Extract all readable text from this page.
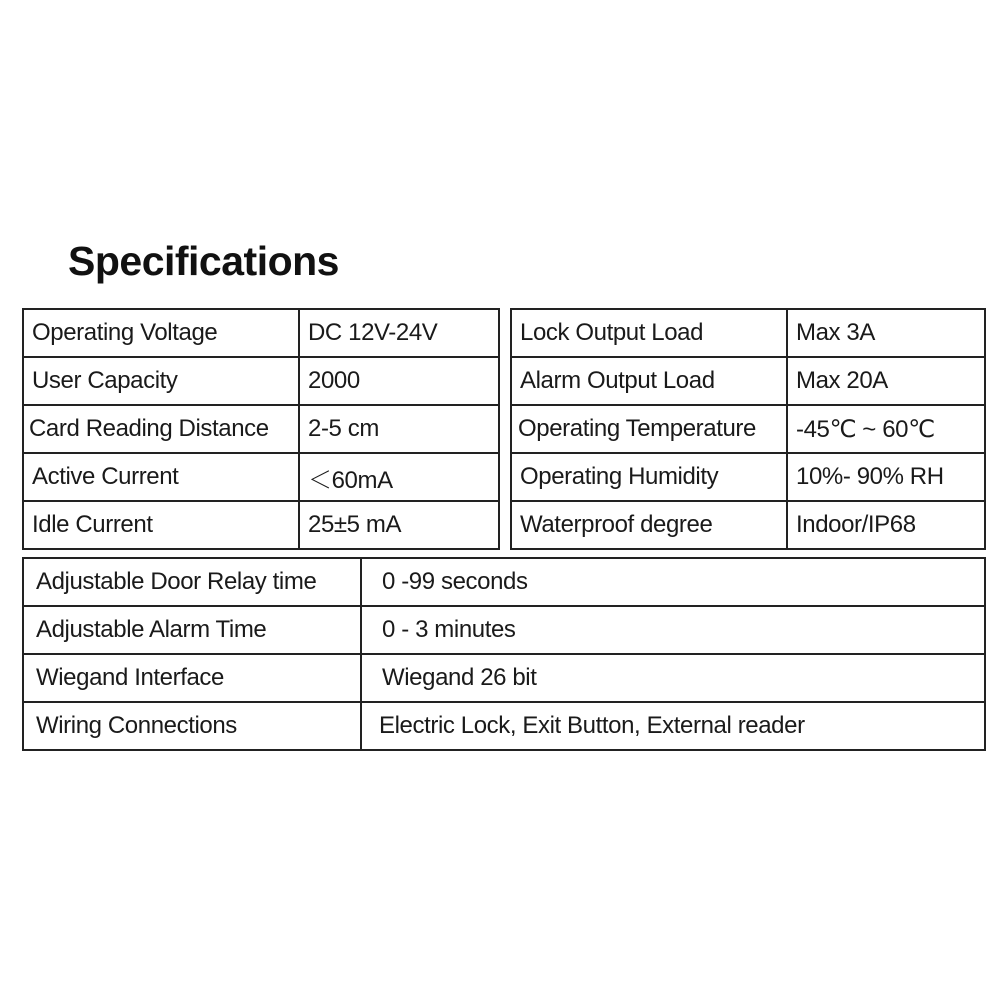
Specifications
Operating Voltage	DC 12V-24V
User Capacity	2000
Card Reading Distance	2-5 cm
Active Current	＜60mA
Idle Current	25±5 mA
Lock Output Load	Max 3A
Alarm Output Load	Max 20A
Operating Temperature	-45℃ ~ 60℃
Operating Humidity	10%- 90% RH
Waterproof degree	Indoor/IP68
Adjustable Door Relay time	0 -99 seconds
Adjustable Alarm Time	0 - 3 minutes
Wiegand Interface	Wiegand 26 bit
Wiring Connections	Electric Lock, Exit Button, External reader
